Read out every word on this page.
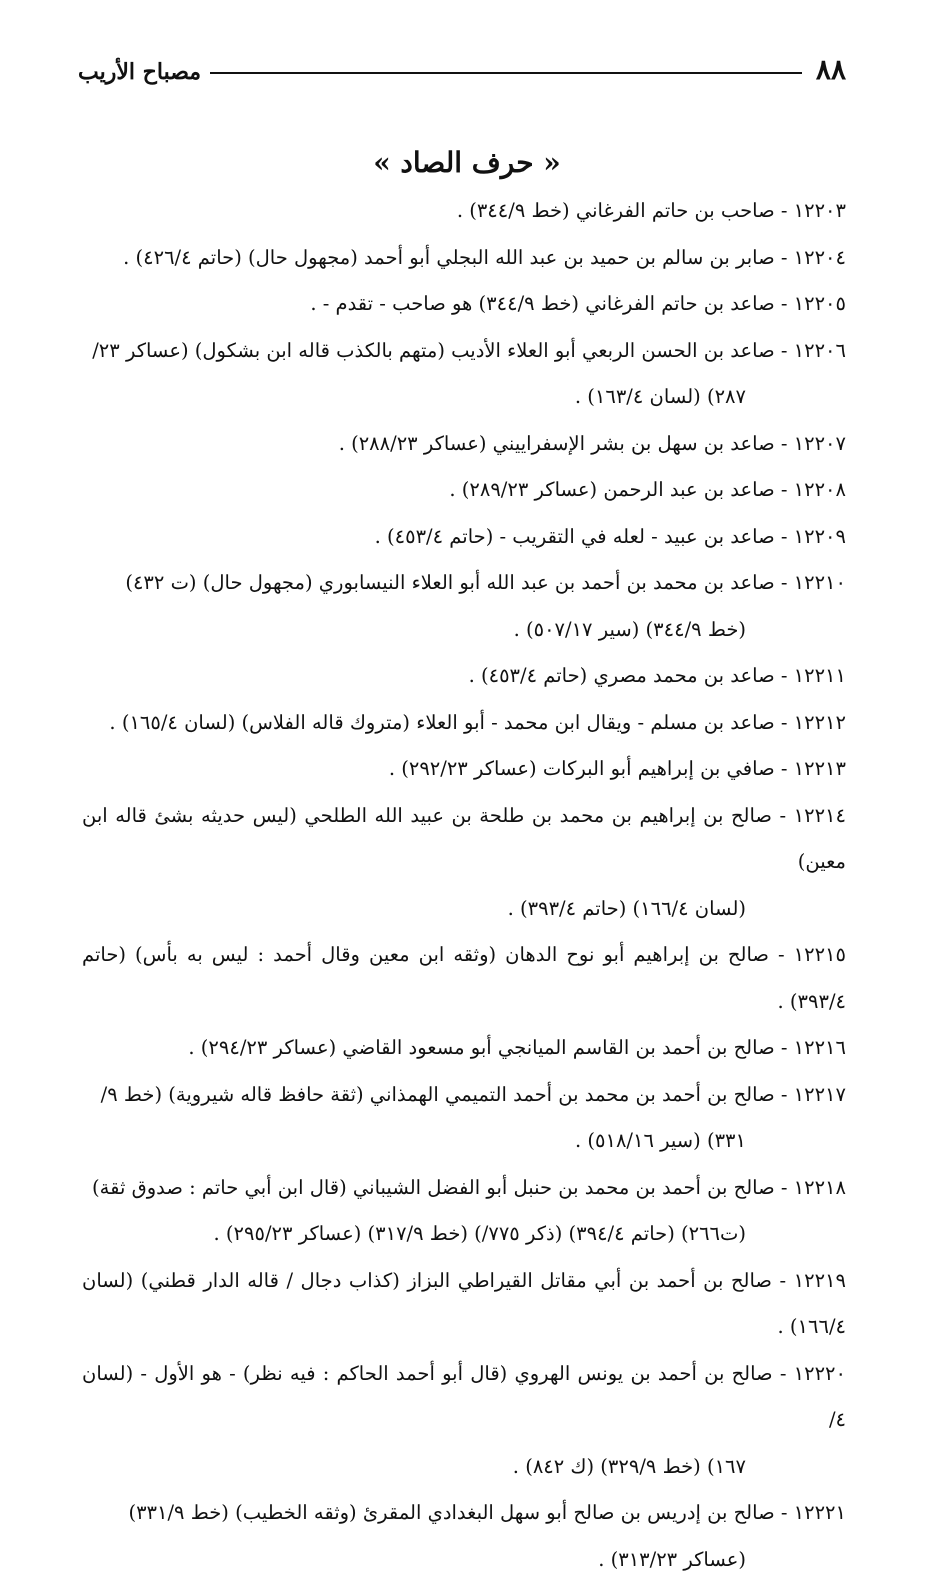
٨٨
مصباح الأريب
« حرف الصاد »
١٢٢٠٣ - صاحب بن حاتم الفرغاني (خط ٣٤٤/٩) .
١٢٢٠٤ - صابر بن سالم بن حميد بن عبد الله البجلي أبو أحمد (مجهول حال) (حاتم ٤٢٦/٤) .
١٢٢٠٥ - صاعد بن حاتم الفرغاني (خط ٣٤٤/٩) هو صاحب - تقدم - .
١٢٢٠٦ - صاعد بن الحسن الربعي أبو العلاء الأديب (متهم بالكذب قاله ابن بشكول) (عساكر ٢٣/
٢٨٧) (لسان ١٦٣/٤) .
١٢٢٠٧ - صاعد بن سهل بن بشر الإسفراييني (عساكر ٢٨٨/٢٣) .
١٢٢٠٨ - صاعد بن عبد الرحمن (عساكر ٢٨٩/٢٣) .
١٢٢٠٩ - صاعد بن عبيد - لعله في التقريب - (حاتم ٤٥٣/٤) .
١٢٢١٠ - صاعد بن محمد بن أحمد بن عبد الله أبو العلاء النيسابوري (مجهول حال) (ت ٤٣٢)
(خط ٣٤٤/٩) (سير ٥٠٧/١٧) .
١٢٢١١ - صاعد بن محمد مصري (حاتم ٤٥٣/٤) .
١٢٢١٢ - صاعد بن مسلم - ويقال ابن محمد - أبو العلاء (متروك قاله الفلاس) (لسان ١٦٥/٤) .
١٢٢١٣ - صافي بن إبراهيم أبو البركات (عساكر ٢٩٢/٢٣) .
١٢٢١٤ - صالح بن إبراهيم بن محمد بن طلحة بن عبيد الله الطلحي (ليس حديثه بشئ قاله ابن معين)
(لسان ١٦٦/٤) (حاتم ٣٩٣/٤) .
١٢٢١٥ - صالح بن إبراهيم أبو نوح الدهان (وثقه ابن معين وقال أحمد : ليس به بأس) (حاتم ٣٩٣/٤) .
١٢٢١٦ - صالح بن أحمد بن القاسم الميانجي أبو مسعود القاضي (عساكر ٢٩٤/٢٣) .
١٢٢١٧ - صالح بن أحمد بن محمد بن أحمد التميمي الهمذاني (ثقة حافظ قاله شيروية) (خط ٩/
٣٣١) (سير ٥١٨/١٦) .
١٢٢١٨ - صالح بن أحمد بن محمد بن حنبل أبو الفضل الشيباني (قال ابن أبي حاتم : صدوق ثقة)
(ت٢٦٦) (حاتم ٣٩٤/٤) (ذكر ٧٧٥/) (خط ٣١٧/٩) (عساكر ٢٩٥/٢٣) .
١٢٢١٩ - صالح بن أحمد بن أبي مقاتل القيراطي البزاز (كذاب دجال / قاله الدار قطني) (لسان ١٦٦/٤) .
١٢٢٢٠ - صالح بن أحمد بن يونس الهروي (قال أبو أحمد الحاكم : فيه نظر) - هو الأول - (لسان ٤/
١٦٧) (خط ٣٢٩/٩) (ك ٨٤٢) .
١٢٢٢١ - صالح بن إدريس بن صالح أبو سهل البغدادي المقرئ (وثقه الخطيب) (خط ٣٣١/٩)
(عساكر ٣١٣/٢٣) .
